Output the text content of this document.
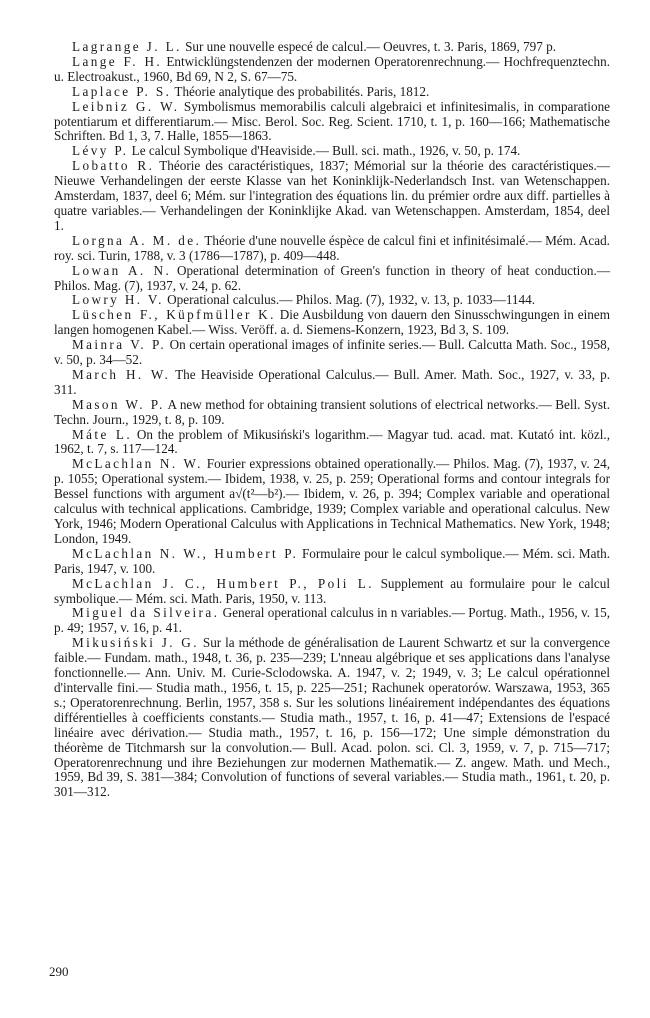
Lagrange J. L. Sur une nouvelle especé de calcul.— Oeuvres, t. 3. Paris, 1869, 797 p.

Lange F. H. Entwicklüngstendenzen der modernen Operatorenrechnung.— Hochfrequenztechn. u. Electroakust., 1960, Bd 69, N 2, S. 67—75.

Laplace P. S. Théorie analytique des probabilités. Paris, 1812.

Leibniz G. W. Symbolismus memorabilis calculi algebraici et infinitesimalis, in comparatione potentiarum et differentiarum.— Misc. Berol. Soc. Reg. Scient. 1710, t. 1, p. 160—166; Mathematische Schriften. Bd 1, 3, 7. Halle, 1855—1863.

Lévy P. Le calcul Symbolique d'Heaviside.— Bull. sci. math., 1926, v. 50, p. 174.

Lobatto R. Théorie des caractéristiques, 1837; Mémorial sur la théorie des caractéristiques.— Nieuwe Verhandelingen der eerste Klasse van het Koninklijk-Nederlandsch Inst. van Wetenschappen. Amsterdam, 1837, deel 6; Mém. sur l'integration des équations lin. du prémier ordre aux diff. partielles à quatre variables.— Verhandelingen der Koninklijke Akad. van Wetenschappen. Amsterdam, 1854, deel 1.

Lorgna A. M. de. Théorie d'une nouvelle éspèce de calcul fini et infinitésimalé.— Mém. Acad. roy. sci. Turin, 1788, v. 3 (1786—1787), p. 409—448.

Lowan A. N. Operational determination of Green's function in theory of heat conduction.— Philos. Mag. (7), 1937, v. 24, p. 62.

Lowry H. V. Operational calculus.— Philos. Mag. (7), 1932, v. 13, p. 1033—1144.

Lüschen F., Küpfmüller K. Die Ausbildung von dauern den Sinusschwingungen in einem langen homogenen Kabel.— Wiss. Veröff. a. d. Siemens-Konzern, 1923, Bd 3, S. 109.

Mainra V. P. On certain operational images of infinite series.— Bull. Calcutta Math. Soc., 1958, v. 50, p. 34—52.

March H. W. The Heaviside Operational Calculus.— Bull. Amer. Math. Soc., 1927, v. 33, p. 311.

Mason W. P. A new method for obtaining transient solutions of electrical networks.— Bell. Syst. Techn. Journ., 1929, t. 8, p. 109.

Máte L. On the problem of Mikusiński's logarithm.— Magyar tud. acad. mat. Kutató int. közl., 1962, t. 7, s. 117—124.

McLachlan N. W. Fourier expressions obtained operationally.— Philos. Mag. (7), 1937, v. 24, p. 1055; Operational system.— Ibidem, 1938, v. 25, p. 259; Operational forms and contour integrals for Bessel functions with argument a√(t²—b²).— Ibidem, v. 26, p. 394; Complex variable and operational calculus with technical applications. Cambridge, 1939; Complex variable and operational calculus. New York, 1946; Modern Operational Calculus with Applications in Technical Mathematics. New York, 1948; London, 1949.

McLachlan N. W., Humbert P. Formulaire pour le calcul symbolique.— Mém. sci. Math. Paris, 1947, v. 100.

McLachlan J. C., Humbert P., Poli L. Supplement au formulaire pour le calcul symbolique.— Mém. sci. Math. Paris, 1950, v. 113.

Miguel da Silveira. General operational calculus in n variables.— Portug. Math., 1956, v. 15, p. 49; 1957, v. 16, p. 41.

Mikusiński J. G. Sur la méthode de généralisation de Laurent Schwartz et sur la convergence faible.— Fundam. math., 1948, t. 36, p. 235—239; L'nneau algébrique et ses applications dans l'analyse fonctionnelle.— Ann. Univ. M. Curie-Sclodowska. A. 1947, v. 2; 1949, v. 3; Le calcul opérationnel d'intervalle fini.— Studia math., 1956, t. 15, p. 225—251; Rachunek operatorów. Warszawa, 1953, 365 s.; Operatorenrechnung. Berlin, 1957, 358 s. Sur les solutions linéairement indépendantes des équations différentielles à coefficients constants.— Studia math., 1957, t. 16, p. 41—47; Extensions de l'espacé linéaire avec dérivation.— Studia math., 1957, t. 16, p. 156—172; Une simple démonstration du théorème de Titchmarsh sur la convolution.— Bull. Acad. polon. sci. Cl. 3, 1959, v. 7, p. 715—717; Operatorenrechnung und ihre Beziehungen zur modernen Mathematik.— Z. angew. Math. und Mech., 1959, Bd 39, S. 381—384; Convolution of functions of several variables.— Studia math., 1961, t. 20, p. 301—312.

290
